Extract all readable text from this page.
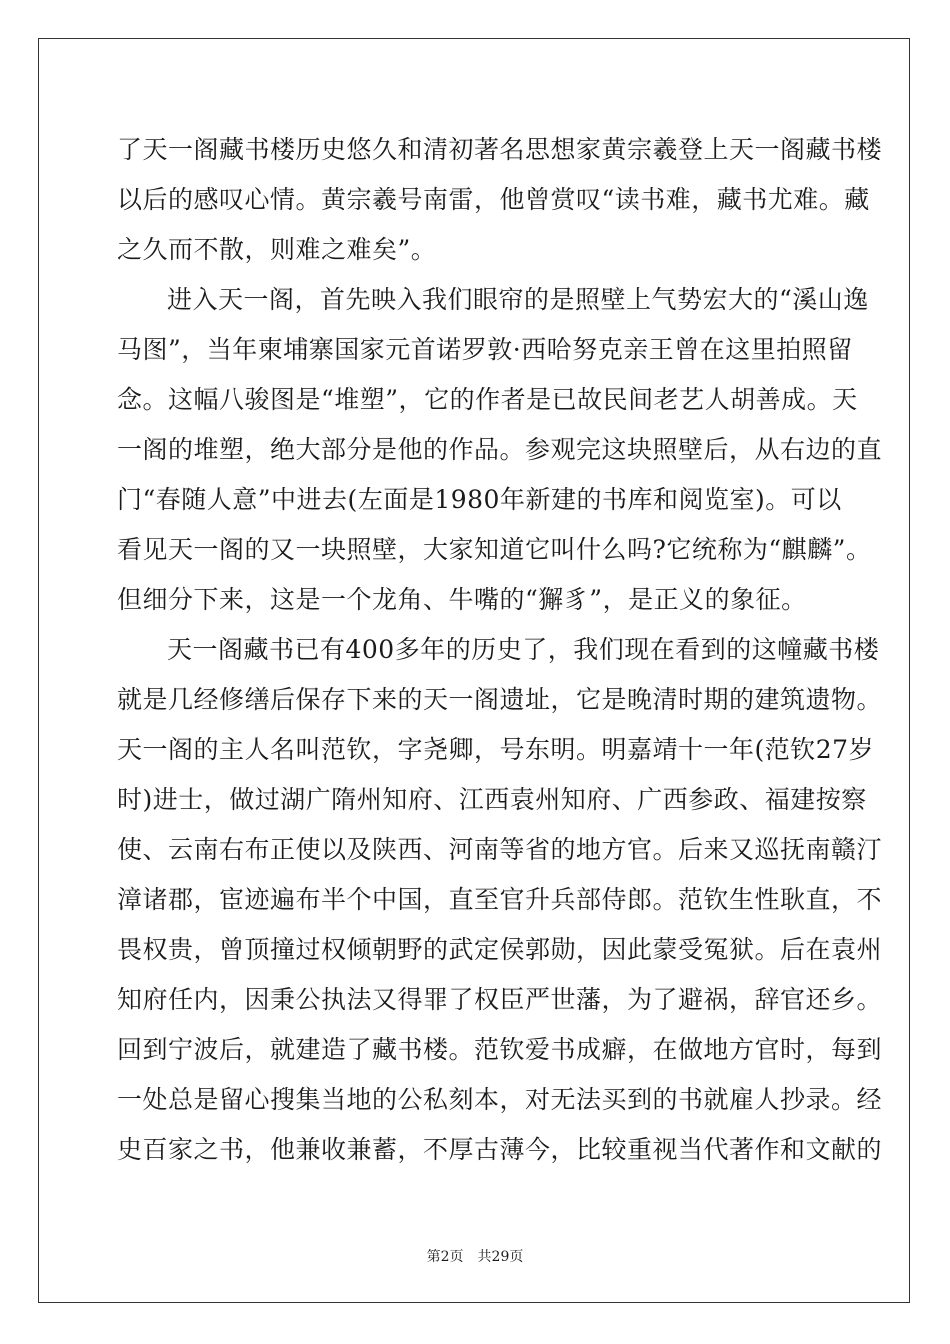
了天一阁藏书楼历史悠久和清初著名思想家黄宗羲登上天一阁藏书楼
以后的感叹心情。黄宗羲号南雷，他曾赏叹“读书难，藏书尤难。藏
之久而不散，则难之难矣”。
进入天一阁，首先映入我们眼帘的是照壁上气势宏大的“溪山逸
马图”，当年柬埔寨国家元首诺罗敦·西哈努克亲王曾在这里拍照留
念。这幅八骏图是“堆塑”，它的作者是已故民间老艺人胡善成。天
一阁的堆塑，绝大部分是他的作品。参观完这块照壁后，从右边的直
门“春随人意”中进去(左面是1980年新建的书库和阅览室)。可以
看见天一阁的又一块照壁，大家知道它叫什么吗?它统称为“麒麟”。
但细分下来，这是一个龙角、牛嘴的“獬豸”，是正义的象征。
天一阁藏书已有400多年的历史了，我们现在看到的这幢藏书楼
就是几经修缮后保存下来的天一阁遗址，它是晚清时期的建筑遗物。
天一阁的主人名叫范钦，字尧卿，号东明。明嘉靖十一年(范钦27岁
时)进士，做过湖广隋州知府、江西袁州知府、广西参政、福建按察
使、云南右布正使以及陕西、河南等省的地方官。后来又巡抚南赣汀
漳诸郡，宦迹遍布半个中国，直至官升兵部侍郎。范钦生性耿直，不
畏权贵，曾顶撞过权倾朝野的武定侯郭勋，因此蒙受冤狱。后在袁州
知府任内，因秉公执法又得罪了权臣严世藩，为了避祸，辞官还乡。
回到宁波后，就建造了藏书楼。范钦爱书成癖，在做地方官时，每到
一处总是留心搜集当地的公私刻本，对无法买到的书就雇人抄录。经
史百家之书，他兼收兼蓄，不厚古薄今，比较重视当代著作和文献的
第2页 共29页
